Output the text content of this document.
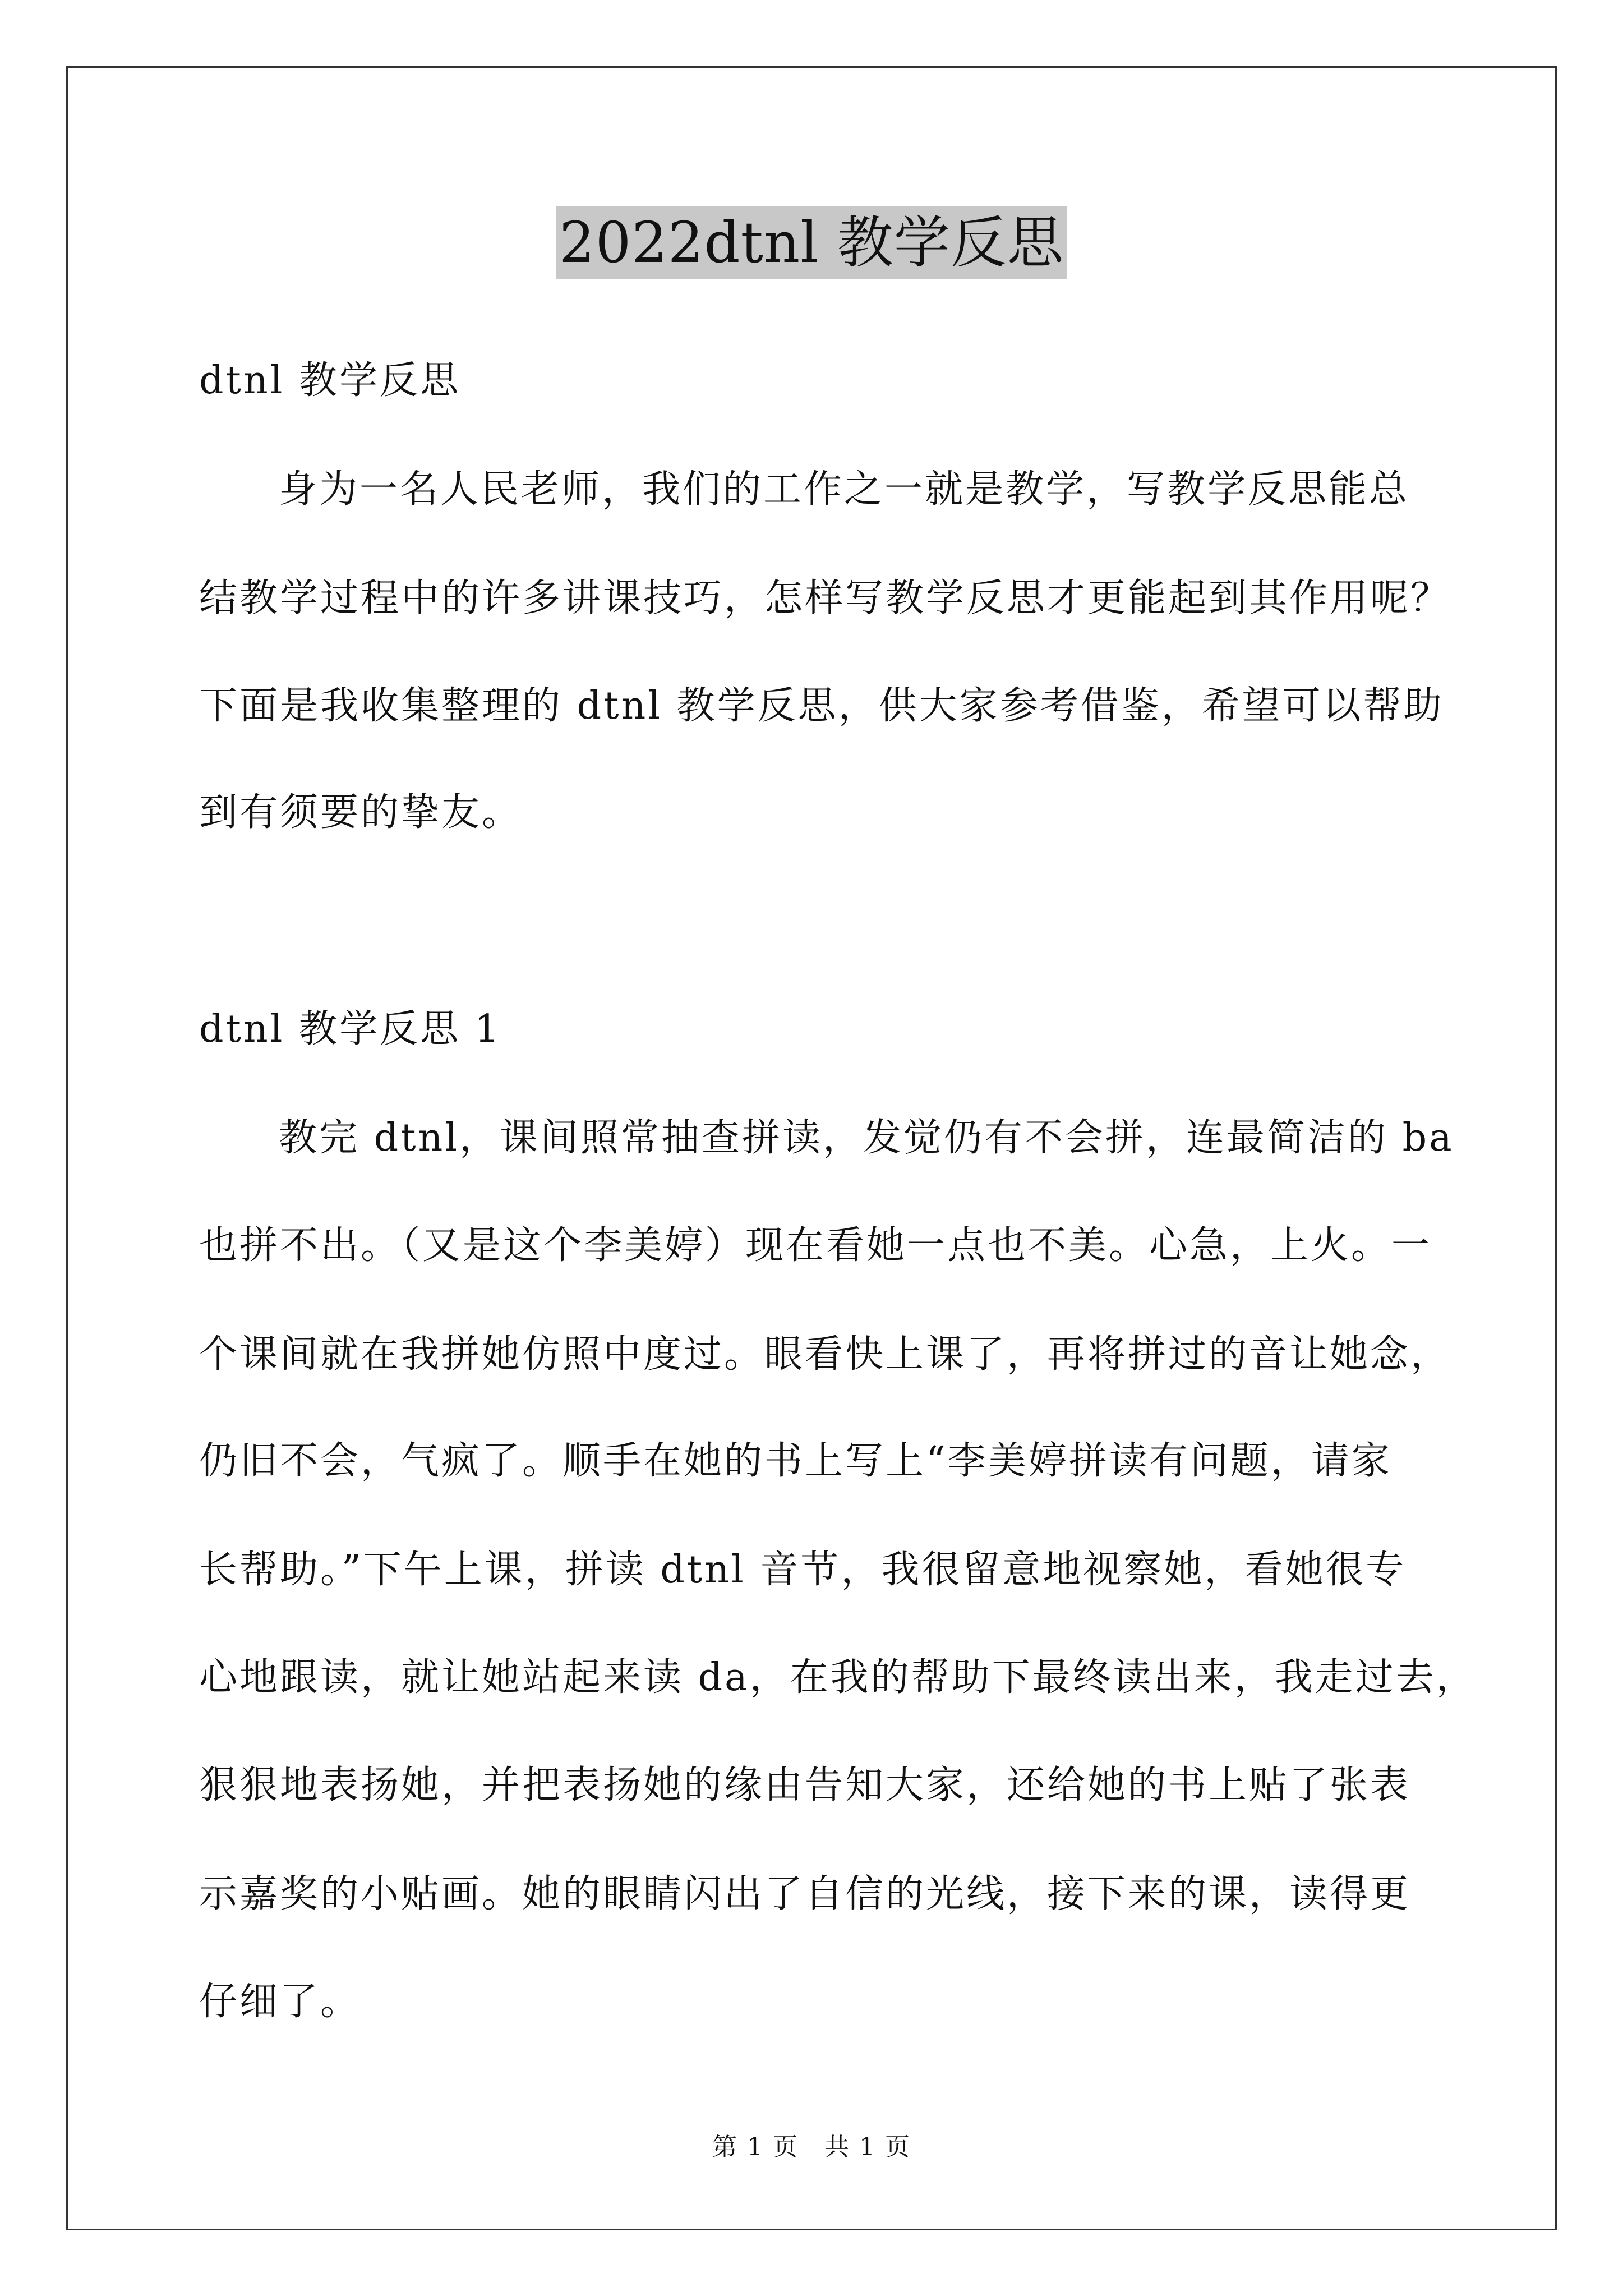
2022dtnl 教学反思
dtnl 教学反思
身为一名人民老师，我们的工作之一就是教学，写教学反思能总
结教学过程中的许多讲课技巧，怎样写教学反思才更能起到其作用呢？
下面是我收集整理的 dtnl 教学反思，供大家参考借鉴，希望可以帮助
到有须要的挚友。
dtnl 教学反思 1
教完 dtnl，课间照常抽查拼读，发觉仍有不会拼，连最简洁的 ba
也拼不出。（又是这个李美婷）现在看她一点也不美。心急，上火。一
个课间就在我拼她仿照中度过。眼看快上课了，再将拼过的音让她念，
仍旧不会，气疯了。顺手在她的书上写上“李美婷拼读有问题，请家
长帮助。”下午上课，拼读 dtnl 音节，我很留意地视察她，看她很专
心地跟读，就让她站起来读 da，在我的帮助下最终读出来，我走过去，
狠狠地表扬她，并把表扬她的缘由告知大家，还给她的书上贴了张表
示嘉奖的小贴画。她的眼睛闪出了自信的光线，接下来的课，读得更
仔细了。
第 1 页　共 1 页
